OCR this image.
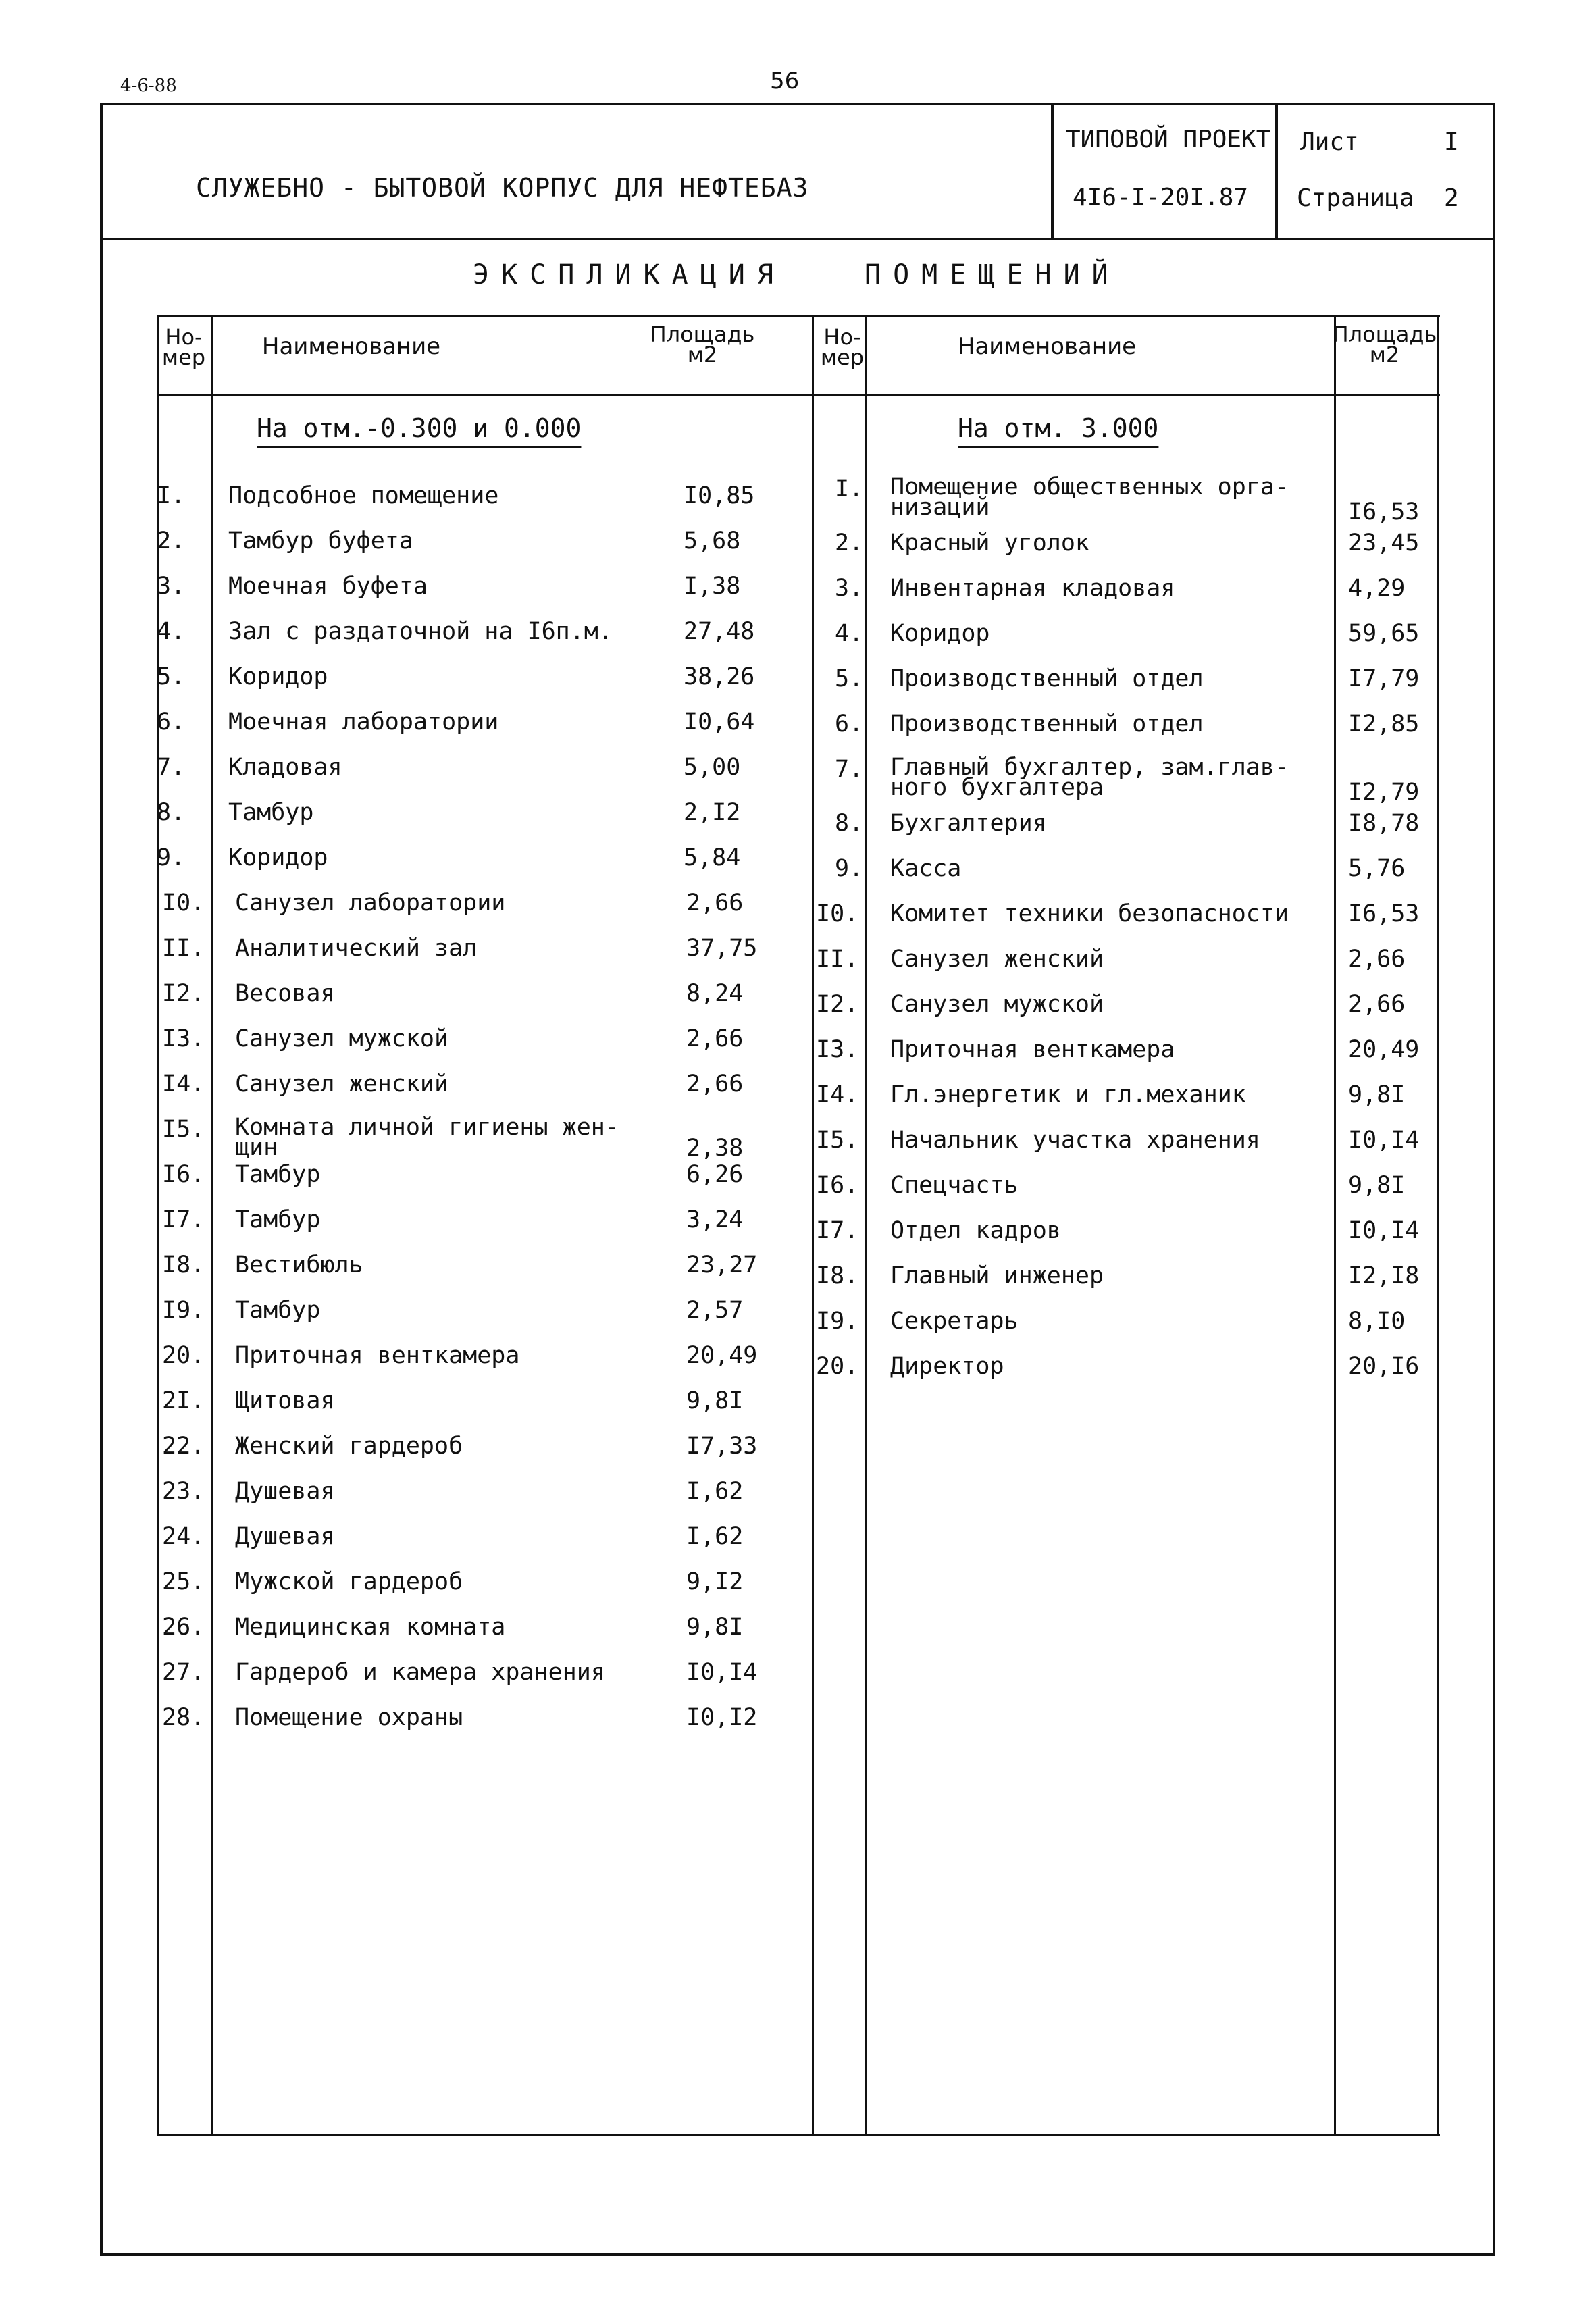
4-6-88	56
СЛУЖЕБНО - БЫТОВОЙ КОРПУС ДЛЯ НЕФТЕБАЗ
ТИПОВОЙ ПРОЕКТ
4I6-I-20I.87
Лист	I
Страница 2
ЭКСПЛИКАЦИЯ	ПОМЕЩЕНИЙ
Но-
мер	Наименование	Площадь
м2
Но-
мер	Наименование	Площадь
м2
На отм.-0.300 и 0.000	На отм. 3.000
I. Подсобное помещение	I0,85
2. Тамбур буфета	5,68
3. Моечная буфета	I,38
4. Зал с раздаточной на I6п.м.	27,48
5. Коридор	38,26
6. Моечная лаборатории	I0,64
7. Кладовая	5,00
8. Тамбур	2,I2
9. Коридор	5,84
I0. Санузел лаборатории	2,66
II. Аналитический зал	37,75
I2. Весовая	8,24
I3. Санузел мужской	2,66
I4. Санузел женский	2,66
I5. Комната личной гигиены жен-
щин	2,38
I6. Тамбур	6,26
I7. Тамбур	3,24
I8. Вестибюль	23,27
I9. Тамбур	2,57
20. Приточная венткамера	20,49
2I. Щитовая	9,8I
22. Женский гардероб	I7,33
23. Душевая	I,62
24. Душевая	I,62
25. Мужской гардероб	9,I2
26. Медицинская комната	9,8I
27. Гардероб и камера хранения	I0,I4
28. Помещение охраны	I0,I2
I. Помещение общественных орга-
низаций	I6,53
2. Красный уголок	23,45
3. Инвентарная кладовая	4,29
4. Коридор	59,65
5. Производственный отдел	I7,79
6. Производственный отдел	I2,85
7. Главный бухгалтер, зам.глав-
ного бухгалтера	I2,79
8. Бухгалтерия	I8,78
9. Касса	5,76
I0. Комитет техники безопасности	I6,53
II. Санузел женский	2,66
I2. Санузел мужской	2,66
I3. Приточная венткамера	20,49
I4. Гл.энергетик и гл.механик	9,8I
I5. Начальник участка хранения	I0,I4
I6. Спецчасть	9,8I
I7. Отдел кадров	I0,I4
I8. Главный инженер	I2,I8
I9. Секретарь	8,I0
20. Директор	20,I6
